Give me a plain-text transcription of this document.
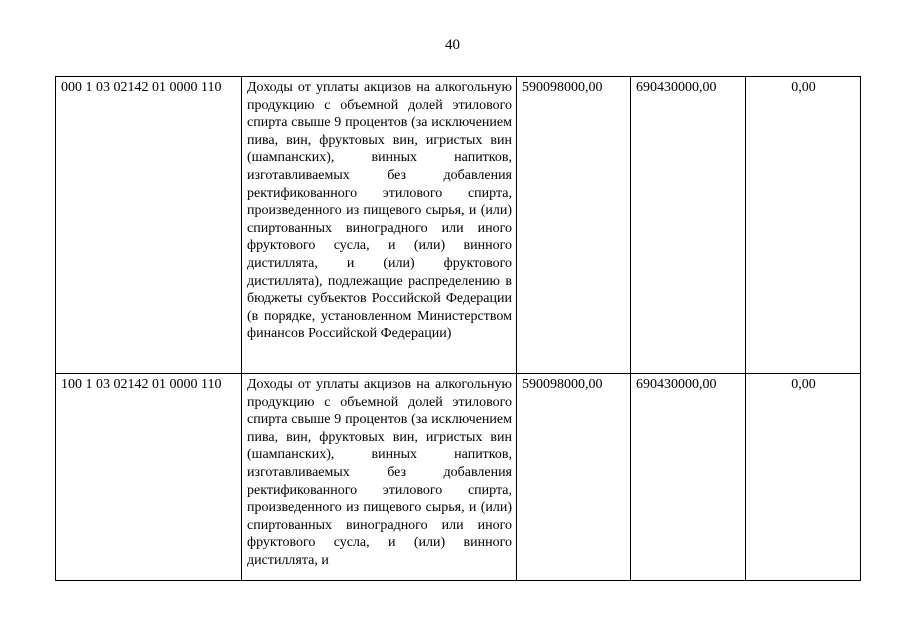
40
000 1 03 02142 01 0000 110	Доходы от уплаты акцизов на алкогольную продукцию с объемной долей этилового спирта свыше 9 процентов (за исключением пива, вин, фруктовых вин, игристых вин (шампанских), винных напитков, изготавливаемых без добавления ректификованного этилового спирта, произведенного из пищевого сырья, и (или) спиртованных виноградного или иного фруктового сусла, и (или) винного дистиллята, и (или) фруктового дистиллята), подлежащие распределению в бюджеты субъектов Российской Федерации (в порядке, установленном Министерством финансов Российской Федерации)	590098000,00	690430000,00	0,00
100 1 03 02142 01 0000 110	Доходы от уплаты акцизов на алкогольную продукцию с объемной долей этилового спирта свыше 9 процентов (за исключением пива, вин, фруктовых вин, игристых вин (шампанских), винных напитков, изготавливаемых без добавления ректификованного этилового спирта, произведенного из пищевого сырья, и (или) спиртованных виноградного или иного фруктового сусла, и (или) винного дистиллята, и	590098000,00	690430000,00	0,00
